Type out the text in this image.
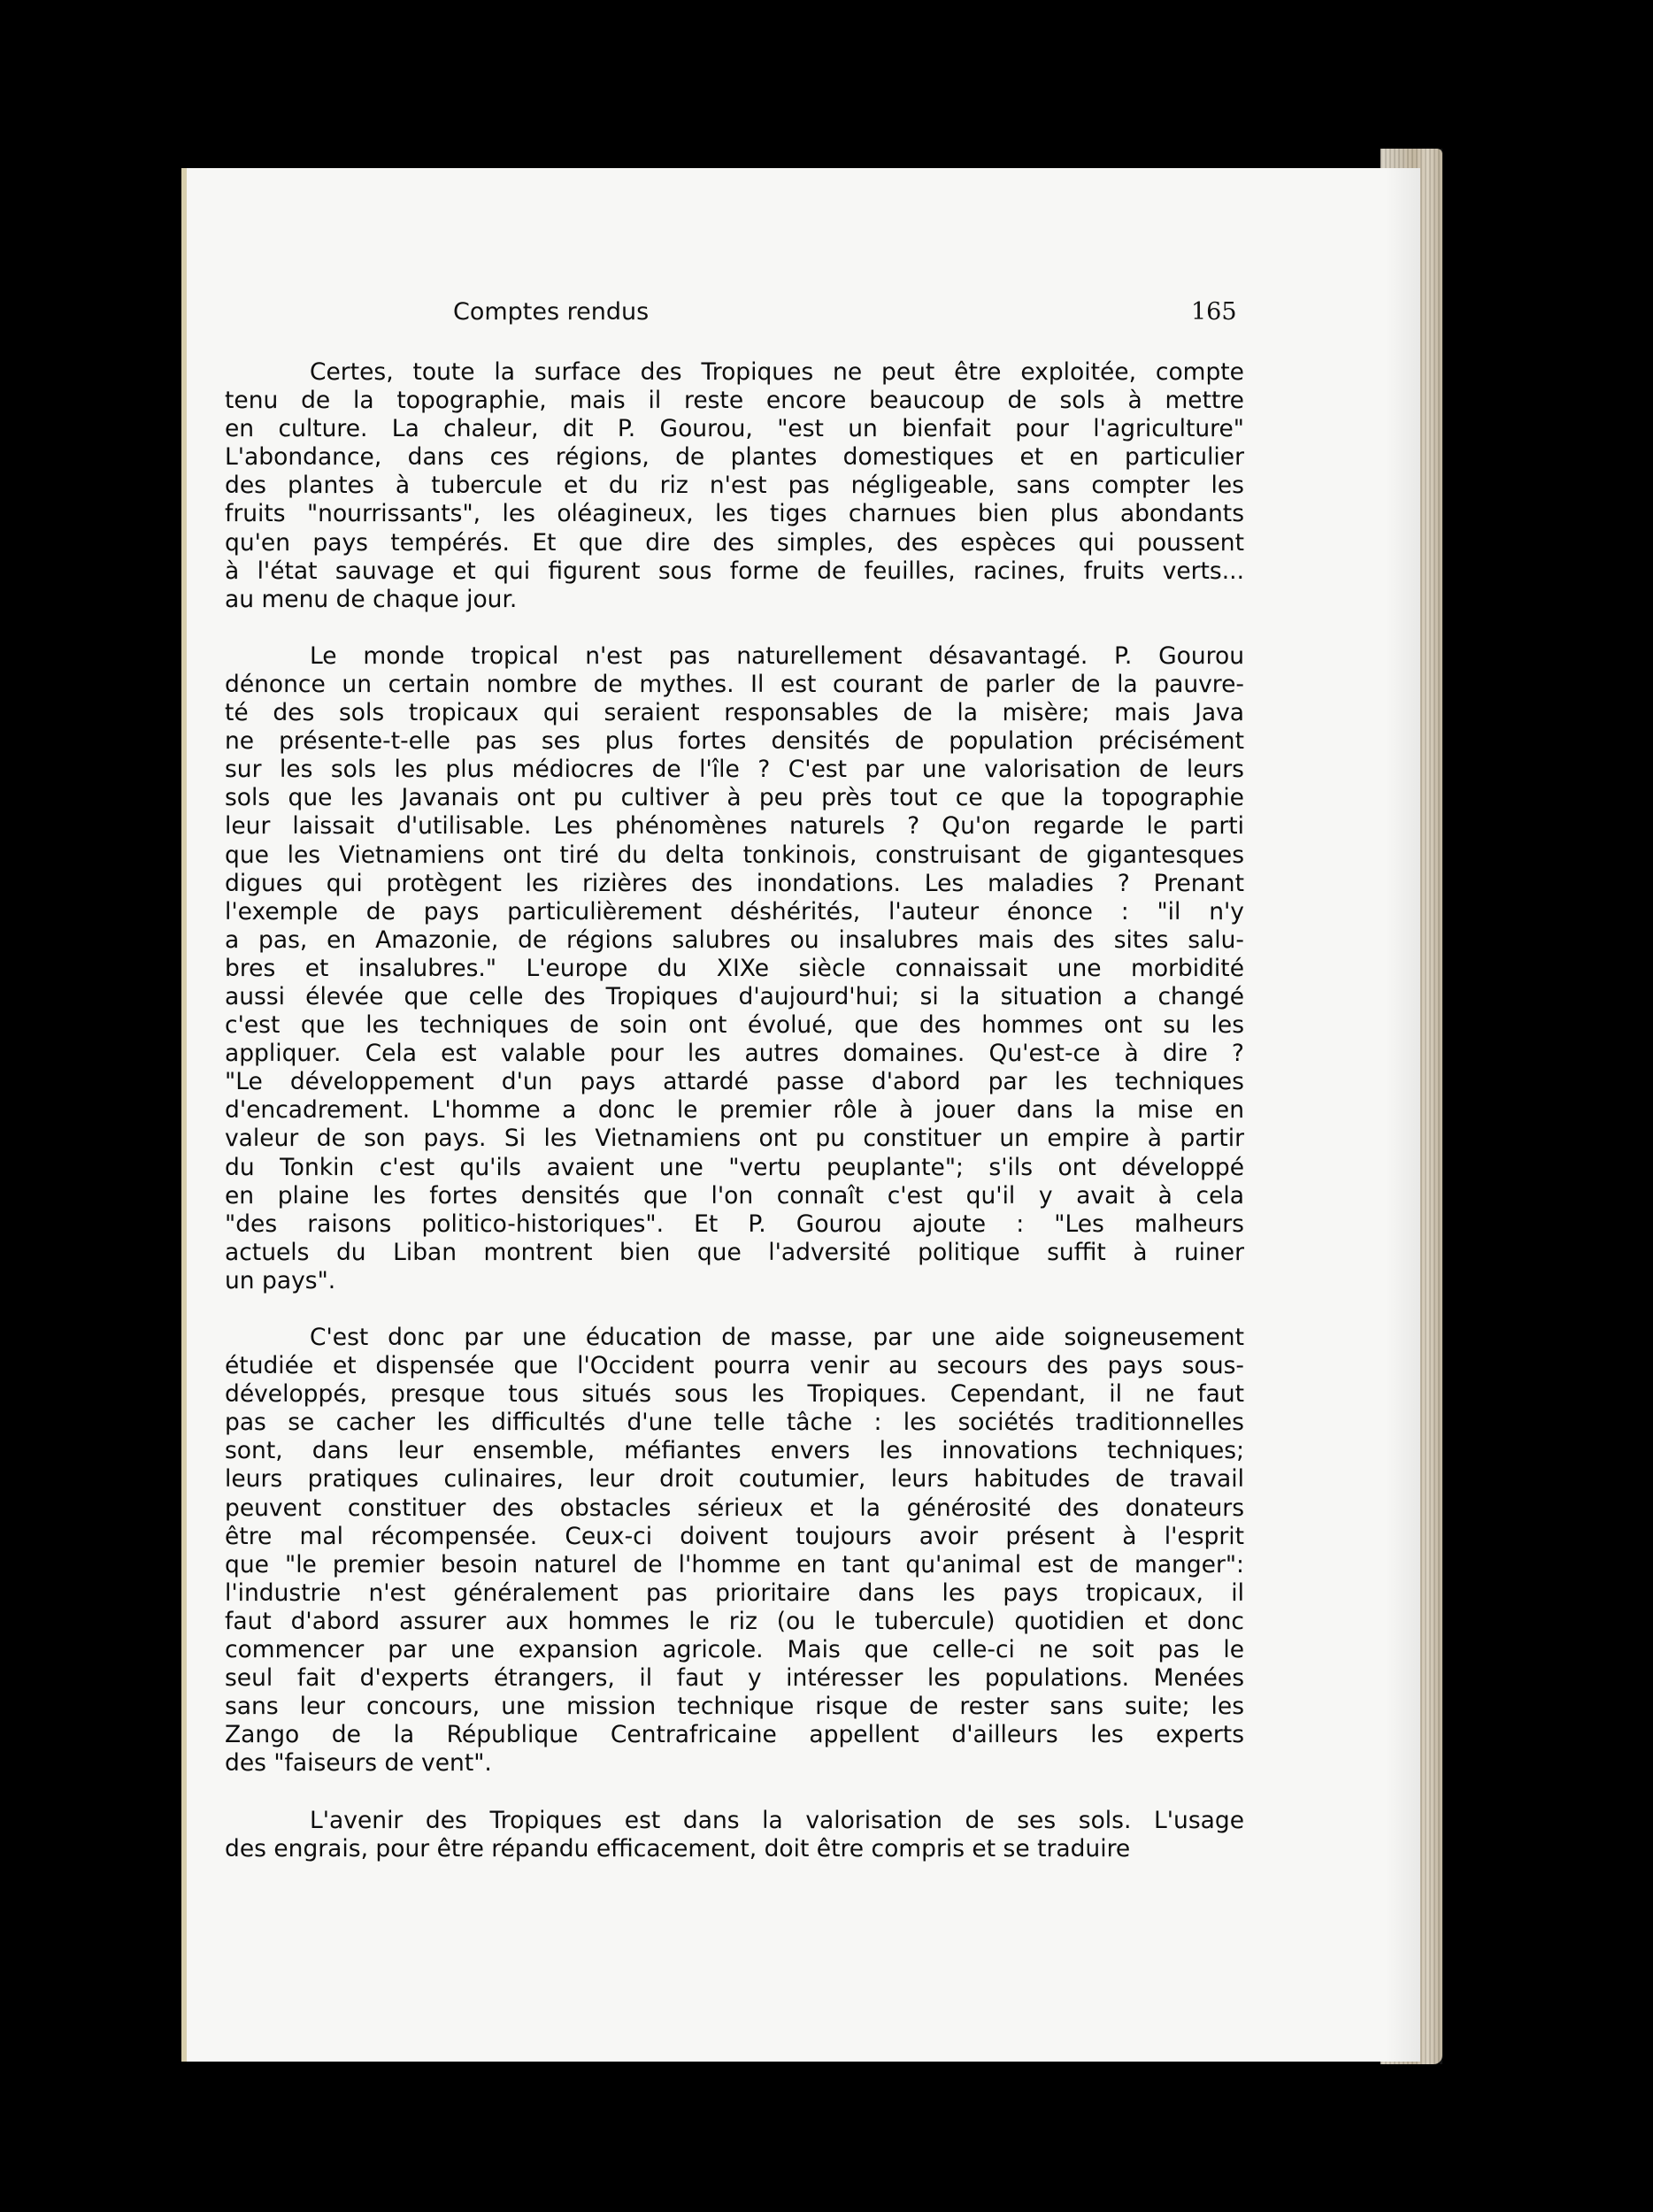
Comptes rendus	165
Certes, toute la surface des Tropiques ne peut être exploitée, compte
tenu de la topographie, mais il reste encore beaucoup de sols à mettre
en culture. La chaleur, dit P. Gourou, "est un bienfait pour l'agriculture"
L'abondance, dans ces régions, de plantes domestiques et en particulier
des plantes à tubercule et du riz n'est pas négligeable, sans compter les
fruits "nourrissants", les oléagineux, les tiges charnues bien plus abondants
qu'en pays tempérés. Et que dire des simples, des espèces qui poussent
à l'état sauvage et qui figurent sous forme de feuilles, racines, fruits verts...
au menu de chaque jour.
Le monde tropical n'est pas naturellement désavantagé. P. Gourou
dénonce un certain nombre de mythes. Il est courant de parler de la pauvre-
té des sols tropicaux qui seraient responsables de la misère; mais Java
ne présente-t-elle pas ses plus fortes densités de population précisément
sur les sols les plus médiocres de l'île ? C'est par une valorisation de leurs
sols que les Javanais ont pu cultiver à peu près tout ce que la topographie
leur laissait d'utilisable. Les phénomènes naturels ? Qu'on regarde le parti
que les Vietnamiens ont tiré du delta tonkinois, construisant de gigantesques
digues qui protègent les rizières des inondations. Les maladies ? Prenant
l'exemple de pays particulièrement déshérités, l'auteur énonce : "il n'y
a pas, en Amazonie, de régions salubres ou insalubres mais des sites salu-
bres et insalubres." L'europe du XIXe siècle connaissait une morbidité
aussi élevée que celle des Tropiques d'aujourd'hui; si la situation a changé
c'est que les techniques de soin ont évolué, que des hommes ont su les
appliquer. Cela est valable pour les autres domaines. Qu'est-ce à dire ?
"Le développement d'un pays attardé passe d'abord par les techniques
d'encadrement. L'homme a donc le premier rôle à jouer dans la mise en
valeur de son pays. Si les Vietnamiens ont pu constituer un empire à partir
du Tonkin c'est qu'ils avaient une "vertu peuplante"; s'ils ont développé
en plaine les fortes densités que l'on connaît c'est qu'il y avait à cela
"des raisons politico-historiques". Et P. Gourou ajoute : "Les malheurs
actuels du Liban montrent bien que l'adversité politique suffit à ruiner
un pays".
C'est donc par une éducation de masse, par une aide soigneusement
étudiée et dispensée que l'Occident pourra venir au secours des pays sous-
développés, presque tous situés sous les Tropiques. Cependant, il ne faut
pas se cacher les difficultés d'une telle tâche : les sociétés traditionnelles
sont, dans leur ensemble, méfiantes envers les innovations techniques;
leurs pratiques culinaires, leur droit coutumier, leurs habitudes de travail
peuvent constituer des obstacles sérieux et la générosité des donateurs
être mal récompensée. Ceux-ci doivent toujours avoir présent à l'esprit
que "le premier besoin naturel de l'homme en tant qu'animal est de manger":
l'industrie n'est généralement pas prioritaire dans les pays tropicaux, il
faut d'abord assurer aux hommes le riz (ou le tubercule) quotidien et donc
commencer par une expansion agricole. Mais que celle-ci ne soit pas le
seul fait d'experts étrangers, il faut y intéresser les populations. Menées
sans leur concours, une mission technique risque de rester sans suite; les
Zango de la République Centrafricaine appellent d'ailleurs les experts
des "faiseurs de vent".
L'avenir des Tropiques est dans la valorisation de ses sols. L'usage
des engrais, pour être répandu efficacement, doit être compris et se traduire
